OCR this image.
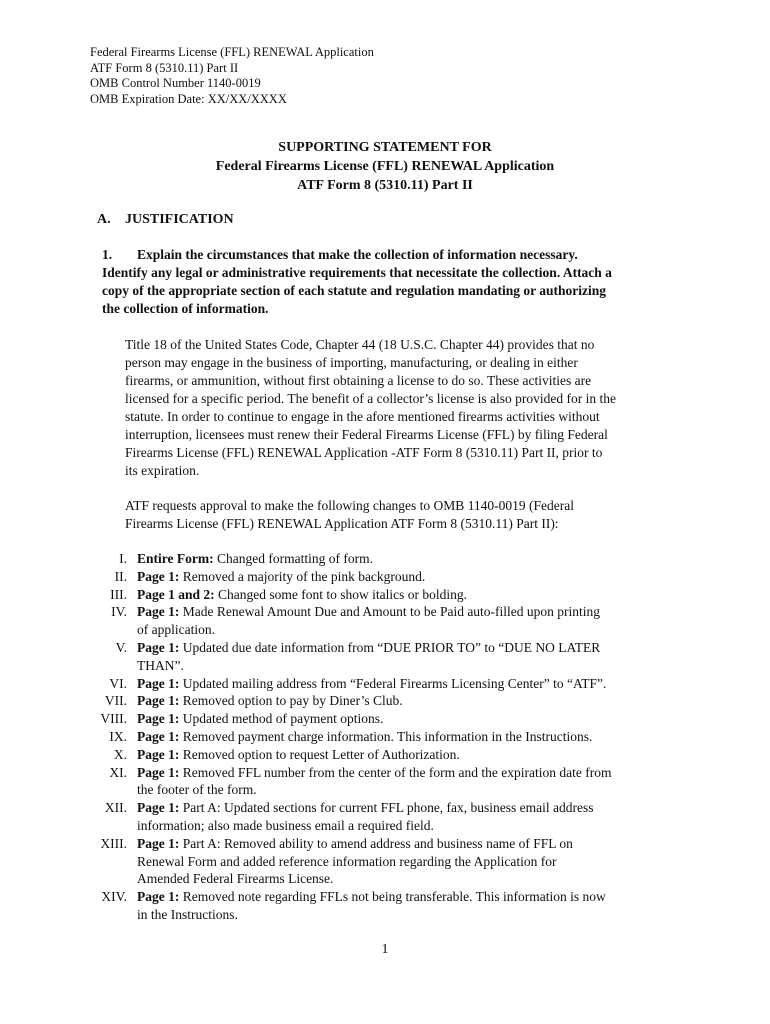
Federal Firearms License (FFL) RENEWAL Application
ATF Form 8 (5310.11) Part II
OMB Control Number 1140-0019
OMB Expiration Date: XX/XX/XXXX
SUPPORTING STATEMENT FOR
Federal Firearms License (FFL) RENEWAL Application
ATF Form 8 (5310.11) Part II
A. JUSTIFICATION
1. Explain the circumstances that make the collection of information necessary.
Identify any legal or administrative requirements that necessitate the collection. Attach a
copy of the appropriate section of each statute and regulation mandating or authorizing
the collection of information.
Title 18 of the United States Code, Chapter 44 (18 U.S.C. Chapter 44) provides that no
person may engage in the business of importing, manufacturing, or dealing in either
firearms, or ammunition, without first obtaining a license to do so. These activities are
licensed for a specific period. The benefit of a collector’s license is also provided for in the
statute. In order to continue to engage in the afore mentioned firearms activities without
interruption, licensees must renew their Federal Firearms License (FFL) by filing Federal
Firearms License (FFL) RENEWAL Application -ATF Form 8 (5310.11) Part II, prior to
its expiration.
ATF requests approval to make the following changes to OMB 1140-0019 (Federal
Firearms License (FFL) RENEWAL Application ATF Form 8 (5310.11) Part II):
I. Entire Form: Changed formatting of form.
II. Page 1: Removed a majority of the pink background.
III. Page 1 and 2: Changed some font to show italics or bolding.
IV. Page 1: Made Renewal Amount Due and Amount to be Paid auto-filled upon printing
of application.
V. Page 1: Updated due date information from “DUE PRIOR TO” to “DUE NO LATER
THAN”.
VI. Page 1: Updated mailing address from “Federal Firearms Licensing Center” to “ATF”.
VII. Page 1: Removed option to pay by Diner’s Club.
VIII. Page 1: Updated method of payment options.
IX. Page 1: Removed payment charge information. This information in the Instructions.
X. Page 1: Removed option to request Letter of Authorization.
XI. Page 1: Removed FFL number from the center of the form and the expiration date from
the footer of the form.
XII. Page 1: Part A: Updated sections for current FFL phone, fax, business email address
information; also made business email a required field.
XIII. Page 1: Part A: Removed ability to amend address and business name of FFL on
Renewal Form and added reference information regarding the Application for
Amended Federal Firearms License.
XIV. Page 1: Removed note regarding FFLs not being transferable. This information is now
in the Instructions.
1
